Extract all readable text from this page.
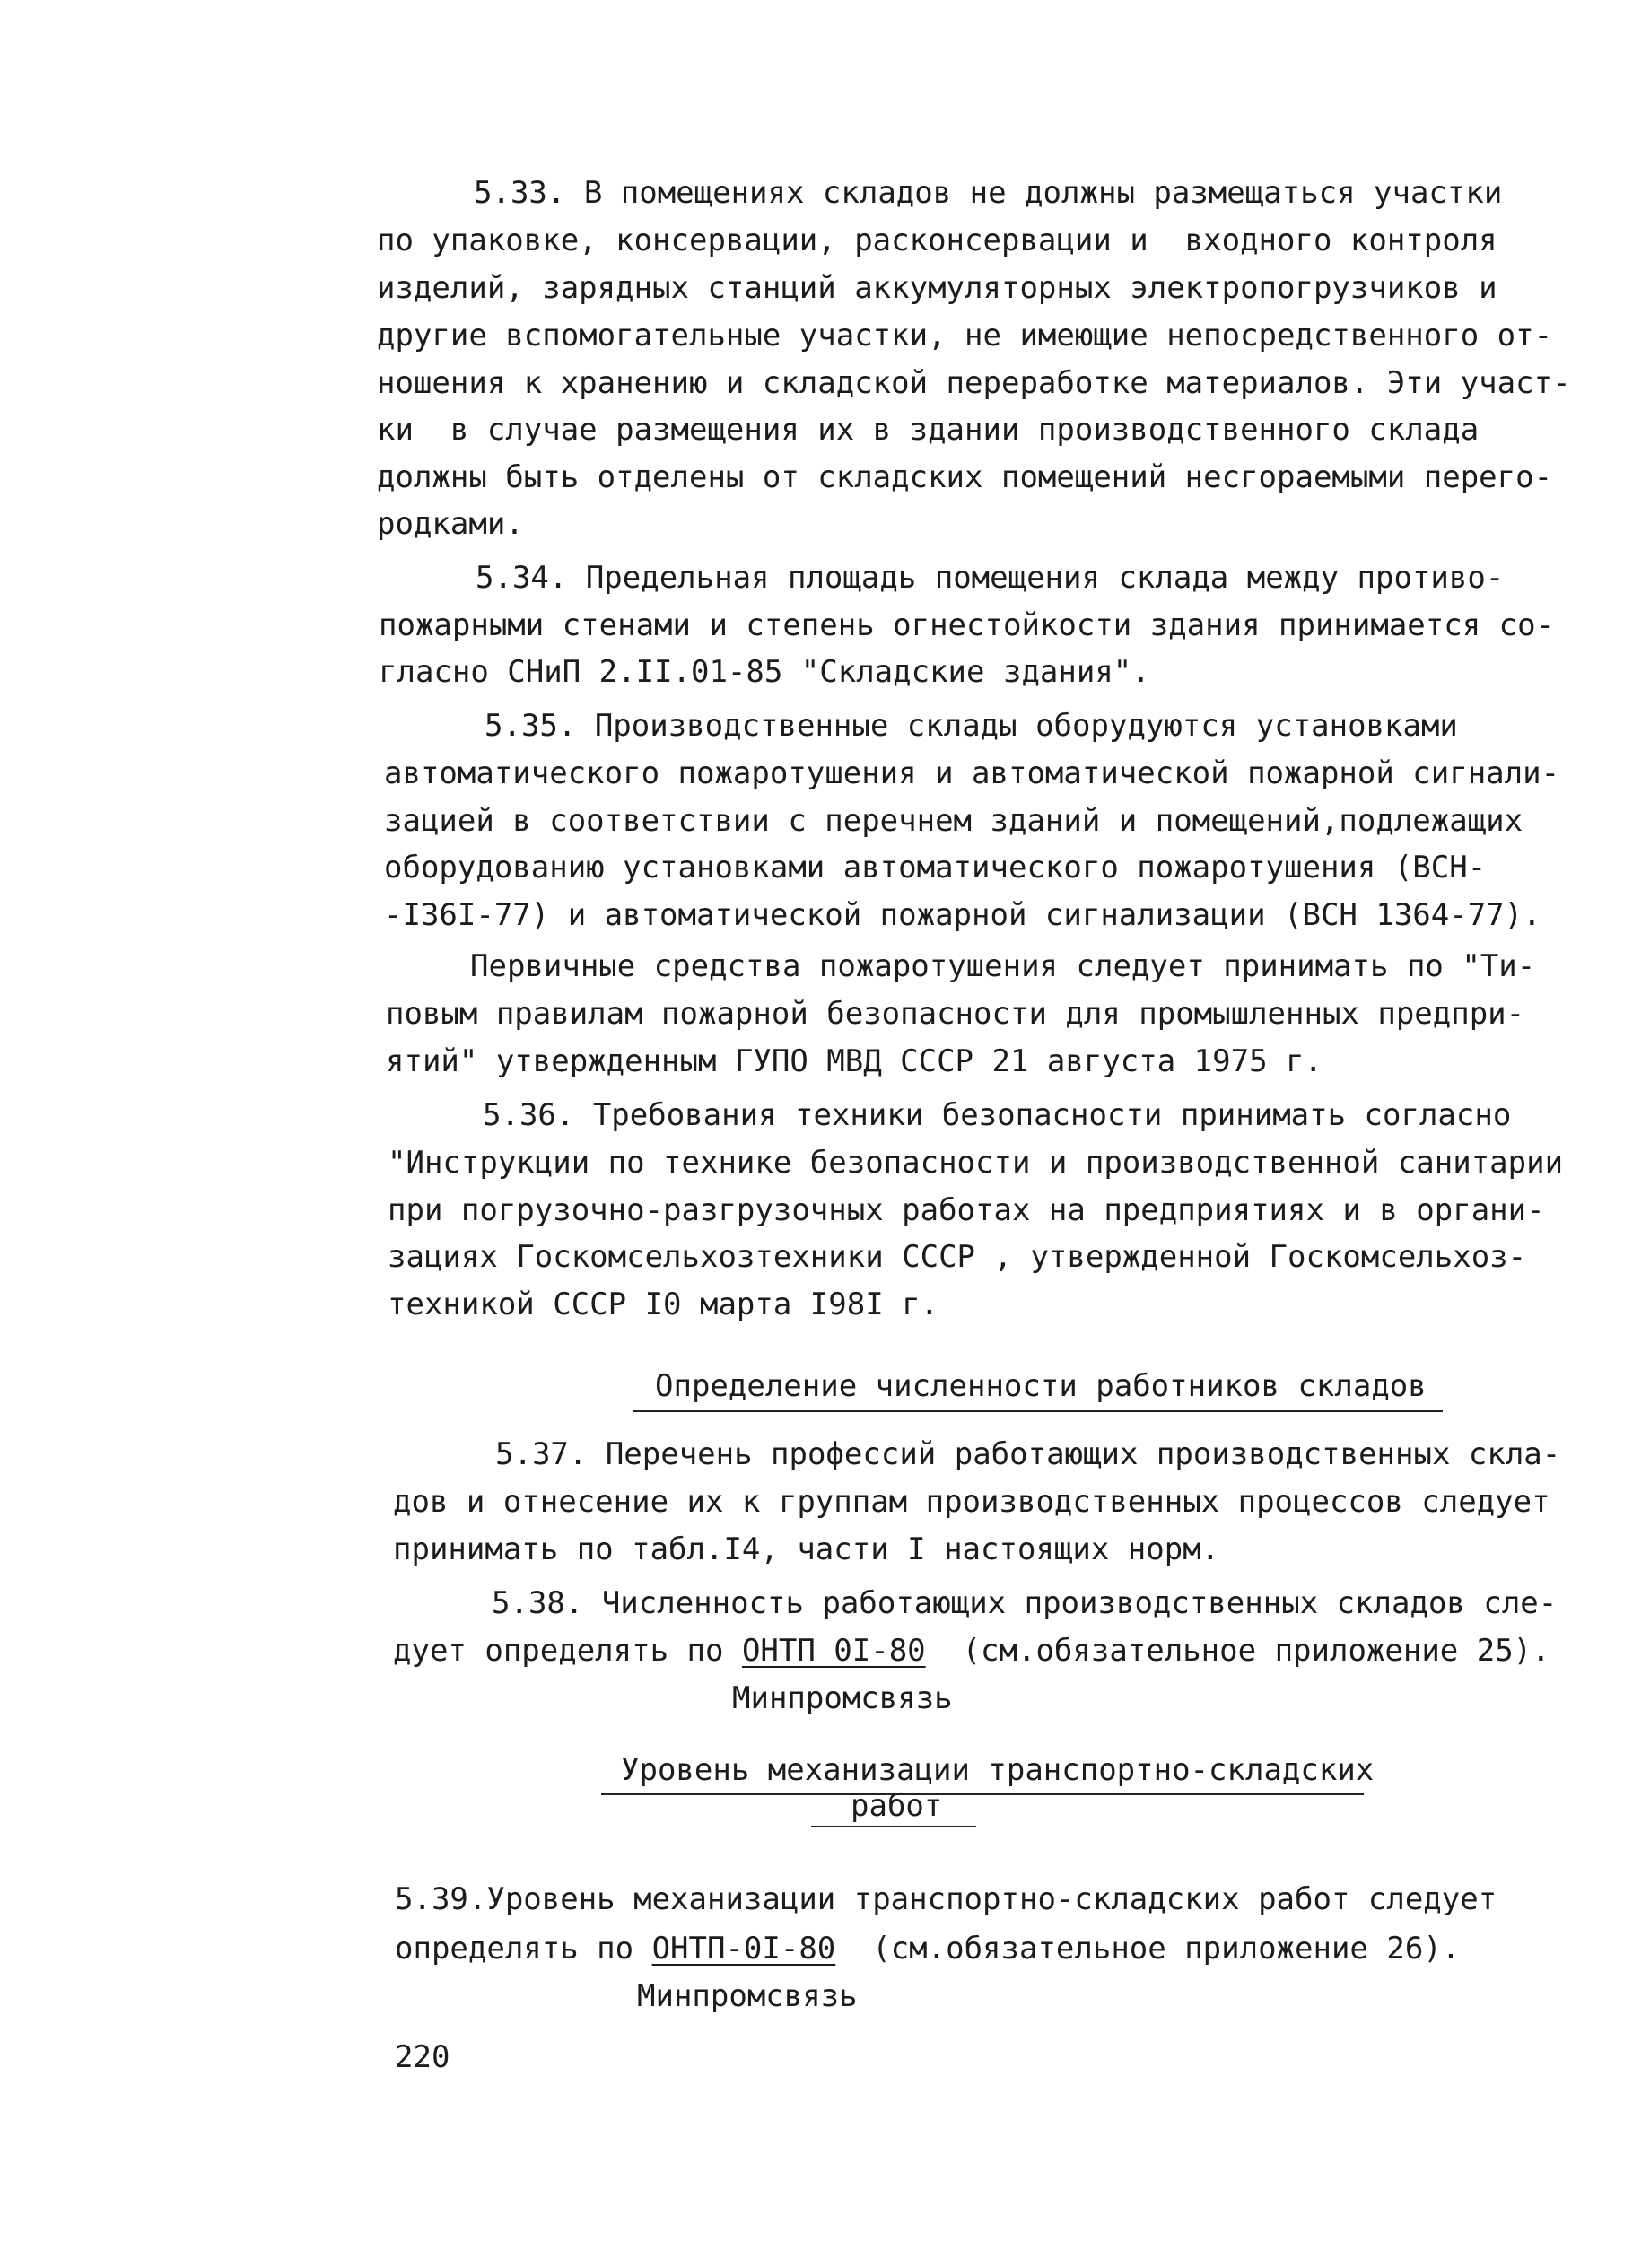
5.33. В помещениях складов не должны размещаться участки
по упаковке, консервации, расконсервации и  входного контроля
изделий, зарядных станций аккумуляторных электропогрузчиков и
другие вспомогательные участки, не имеющие непосредственного от-
ношения к хранению и складской переработке материалов. Эти участ-
ки  в случае размещения их в здании производственного склада
должны быть отделены от складских помещений несгораемыми перего-
родками.
5.34. Предельная площадь помещения склада между противо-
пожарными стенами и степень огнестойкости здания принимается со-
гласно СНиП 2.II.01-85 "Складские здания".
5.35. Производственные склады оборудуются установками
автоматического пожаротушения и автоматической пожарной сигнали-
зацией в соответствии с перечнем зданий и помещений,подлежащих
оборудованию установками автоматического пожаротушения (ВСН-
-I36I-77) и автоматической пожарной сигнализации (ВСН 1364-77).
Первичные средства пожаротушения следует принимать по "Ти-
повым правилам пожарной безопасности для промышленных предпри-
ятий" утвержденным ГУПО МВД СССР 21 августа 1975 г.
5.36. Требования техники безопасности принимать согласно
"Инструкции по технике безопасности и производственной санитарии
при погрузочно-разгрузочных работах на предприятиях и в органи-
зациях Госкомсельхозтехники СССР , утвержденной Госкомсельхоз-
техникой СССР I0 марта I98I г.
Определение численности работников складов
5.37. Перечень профессий работающих производственных скла-
дов и отнесение их к группам производственных процессов следует
принимать по табл.I4, части I настоящих норм.
5.38. Численность работающих производственных складов сле-
дует определять по ОНТП 0I-80  (см.обязательное приложение 25).
Минпромсвязь
Уровень механизации транспортно-складских
работ
5.39.Уровень механизации транспортно-складских работ следует
определять по ОНТП-0I-80  (см.обязательное приложение 26).
Минпромсвязь
220
